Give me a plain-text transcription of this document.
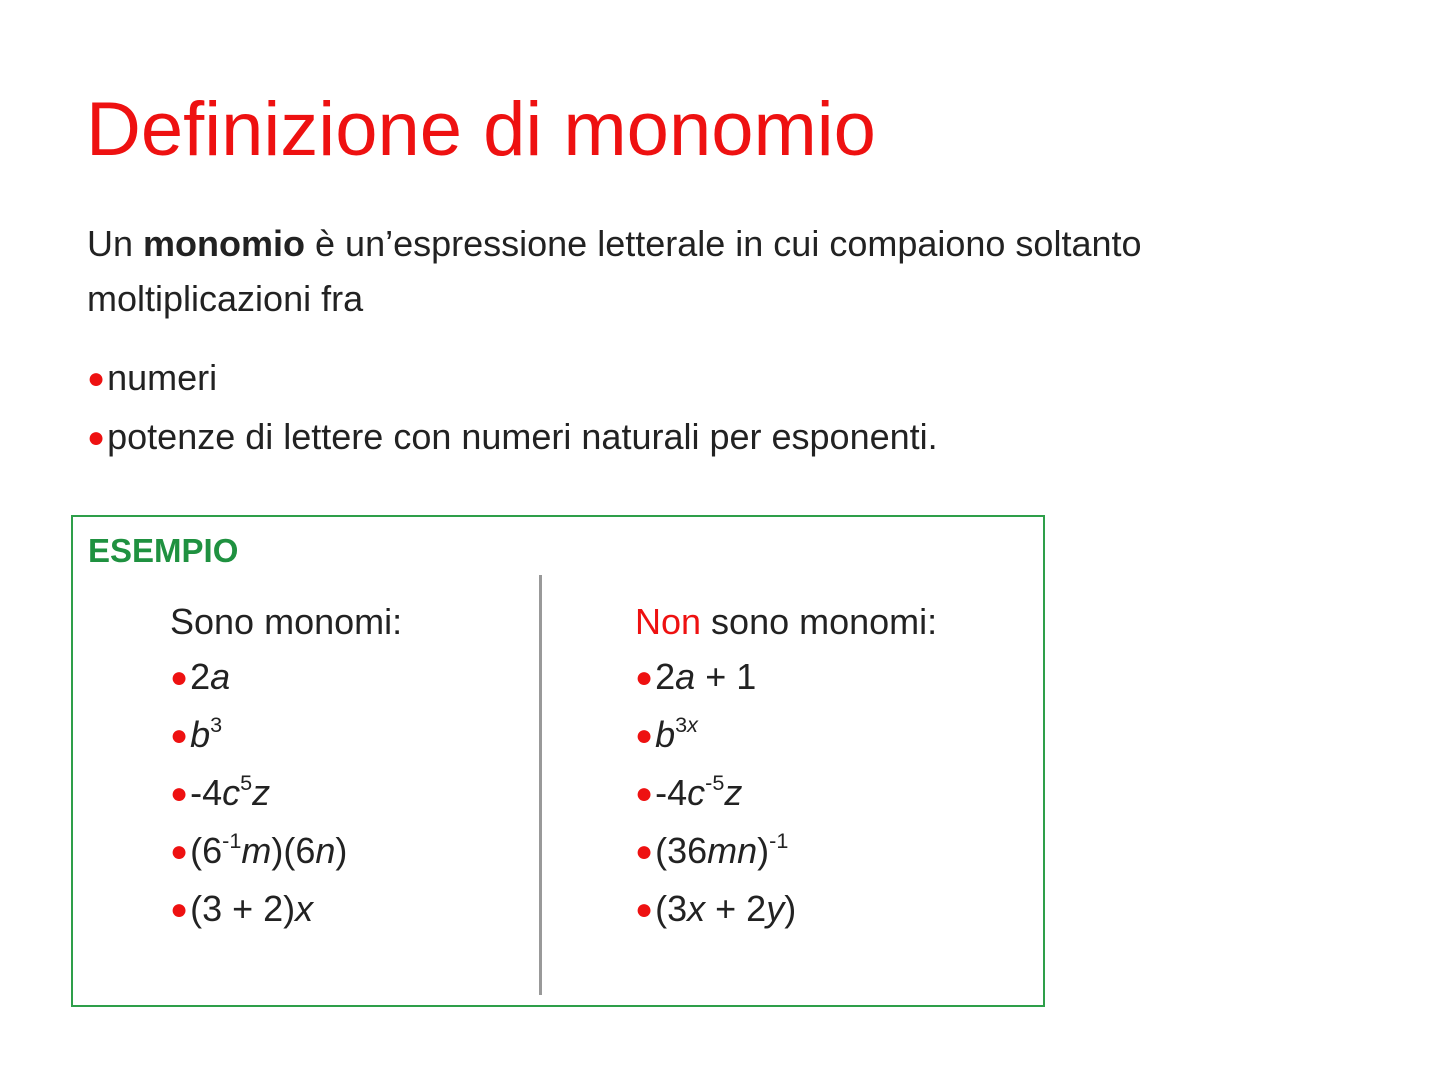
Definizione di monomio

Un monomio è un’espressione letterale in cui compaiono soltanto moltiplicazioni fra

●numeri
●potenze di lettere con numeri naturali per esponenti.
ESEMPIO

Sono monomi:

●2a
$●b^3$
$●-4c^5z$
$●(6^{-1}m)(6n)$
●(3 + 2)x

Non sono monomi:

●2a + 1
$●b^{3x}$
$●-4c^{-5}z$
$●(36mn)^{-1}$
●(3x + 2y)
